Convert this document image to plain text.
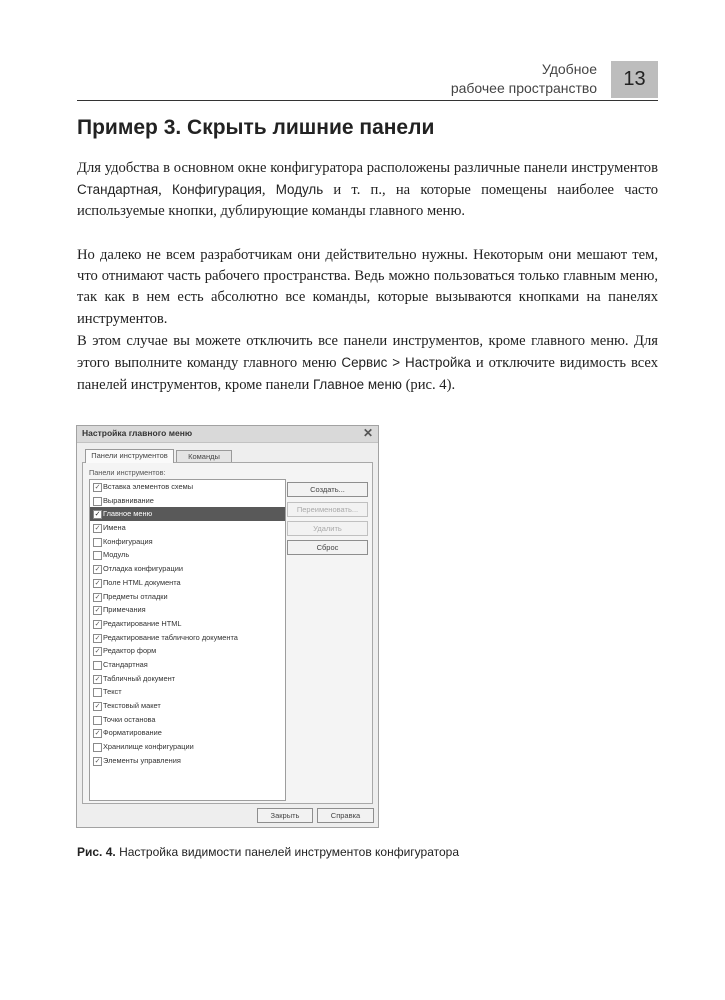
Удобное
рабочее пространство	13
Пример 3. Скрыть лишние панели

Для удобства в основном окне конфигуратора расположены различные панели инструментов Стандартная, Конфигурация, Модуль и т. п., на которые помещены наиболее часто используемые кнопки, дублирующие команды главного меню.

Но далеко не всем разработчикам они действительно нужны. Некоторым они мешают тем, что отнимают часть рабочего пространства. Ведь можно пользоваться только главным меню, так как в нем есть абсолютно все команды, которые вызываются кнопками на панелях инструментов.

В этом случае вы можете отключить все панели инструментов, кроме главного меню. Для этого выполните команду главного меню Сервис > Настройка и отключите видимость всех панелей инструментов, кроме панели Главное меню (рис. 4).

Настройка главного меню	✕
Панели инструментов	Команды
Панели инструментов:
✓ Вставка элементов схемы
Выравнивание
✓ Главное меню
✓ Имена
Конфигурация
Модуль
✓ Отладка конфигурации
✓ Поле HTML документа
✓ Предметы отладки
✓ Примечания
✓ Редактирование HTML
✓ Редактирование табличного документа
✓ Редактор форм
Стандартная
✓ Табличный документ
Текст
✓ Текстовый макет
Точки останова
✓ Форматирование
Хранилище конфигурации
✓ Элементы управления
Создать...
Переименовать...
Удалить
Сброс
Закрыть	Справка
Рис. 4. Настройка видимости панелей инструментов конфигуратора
